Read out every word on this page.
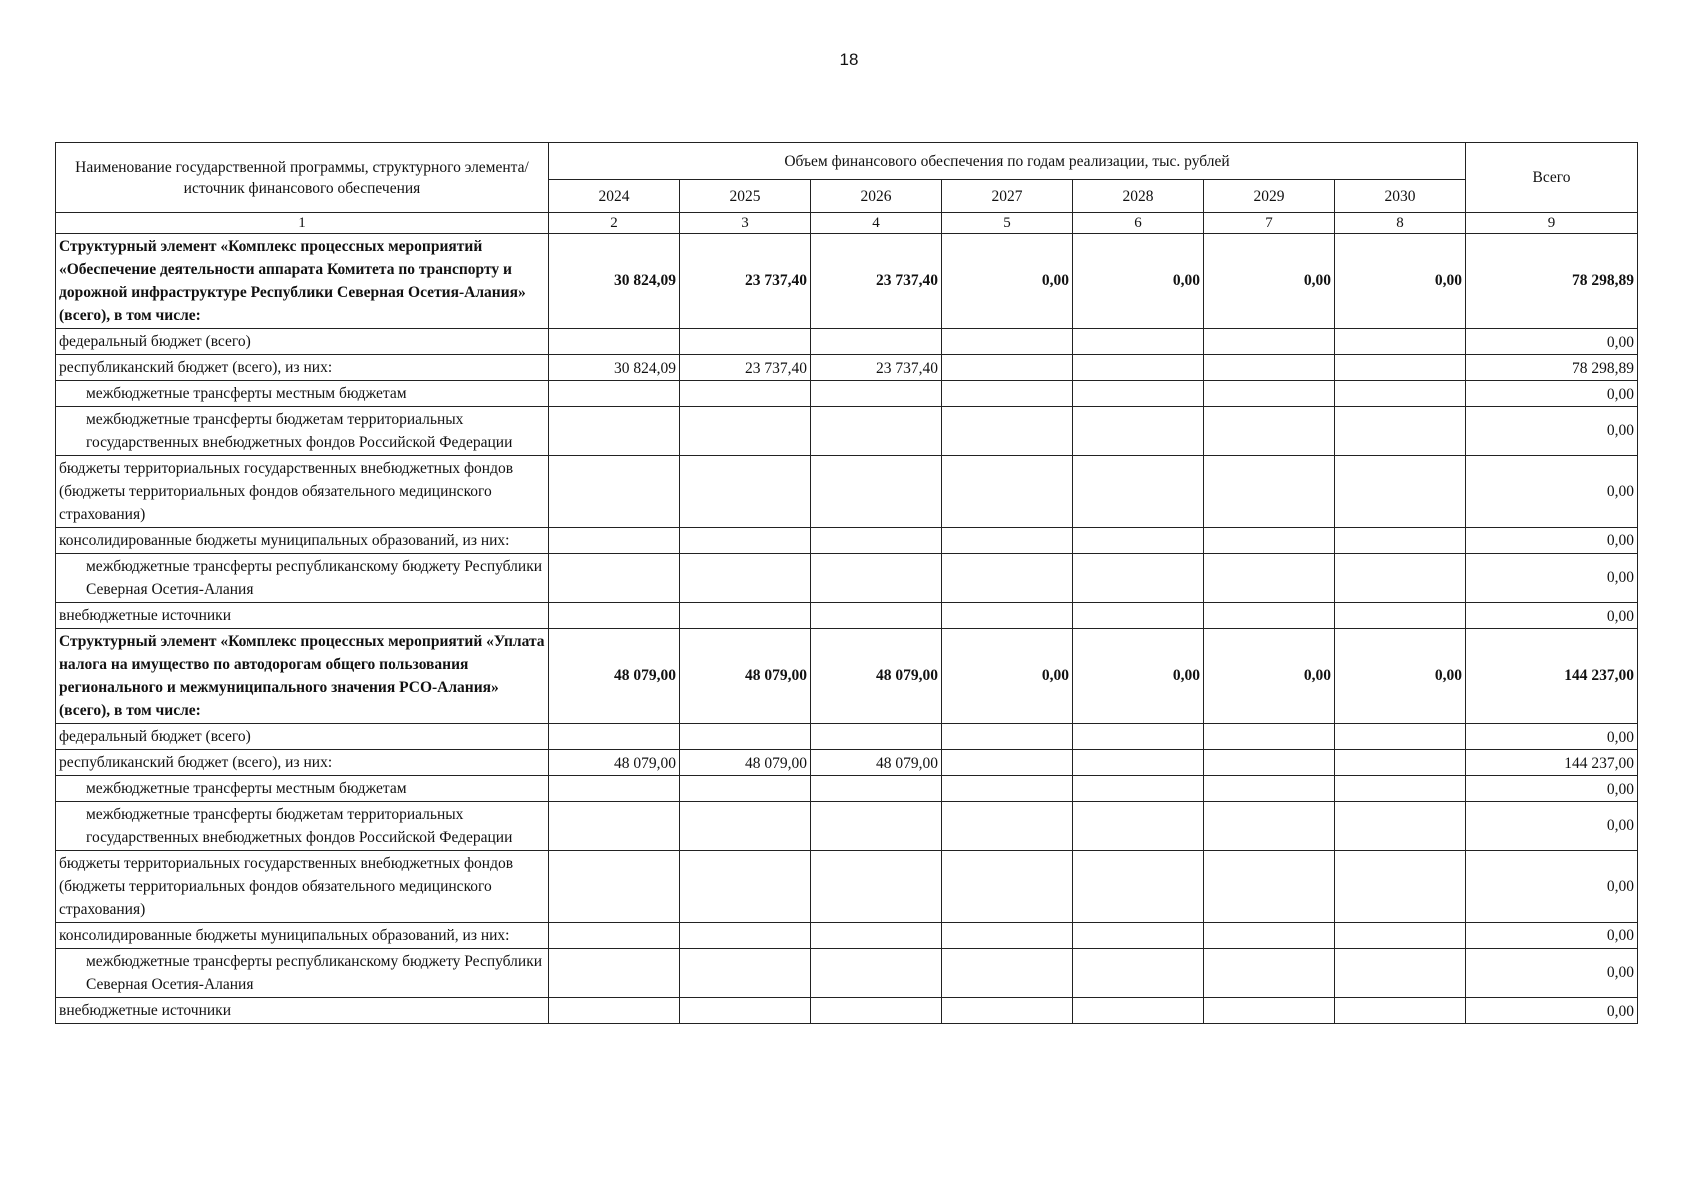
18
Наименование государственной программы, структурного элемента/источник финансового обеспечения	Объем финансового обеспечения по годам реализации, тыс. рублей							Всего
	2024	2025	2026	2027	2028	2029	2030	
1	2	3	4	5	6	7	8	9
Структурный элемент «Комплекс процессных мероприятий «Обеспечение деятельности аппарата Комитета по транспорту и дорожной инфраструктуре Республики Северная Осетия-Алания» (всего), в том числе:	30 824,09	23 737,40	23 737,40	0,00	0,00	0,00	0,00	78 298,89
федеральный бюджет (всего)								0,00
республиканский бюджет (всего), из них:	30 824,09	23 737,40	23 737,40					78 298,89
межбюджетные трансферты местным бюджетам								0,00
межбюджетные трансферты бюджетам территориальных государственных внебюджетных фондов Российской Федерации								0,00
бюджеты территориальных государственных внебюджетных фондов (бюджеты территориальных фондов обязательного медицинского страхования)								0,00
консолидированные бюджеты муниципальных образований, из них:								0,00
межбюджетные трансферты республиканскому бюджету Республики Северная Осетия-Алания								0,00
внебюджетные источники								0,00
Структурный элемент «Комплекс процессных мероприятий «Уплата налога на имущество по автодорогам общего пользования регионального и межмуниципального значения РСО-Алания» (всего), в том числе:	48 079,00	48 079,00	48 079,00	0,00	0,00	0,00	0,00	144 237,00
федеральный бюджет (всего)								0,00
республиканский бюджет (всего), из них:	48 079,00	48 079,00	48 079,00					144 237,00
межбюджетные трансферты местным бюджетам								0,00
межбюджетные трансферты бюджетам территориальных государственных внебюджетных фондов Российской Федерации								0,00
бюджеты территориальных государственных внебюджетных фондов (бюджеты территориальных фондов обязательного медицинского страхования)								0,00
консолидированные бюджеты муниципальных образований, из них:								0,00
межбюджетные трансферты республиканскому бюджету Республики Северная Осетия-Алания								0,00
внебюджетные источники								0,00
